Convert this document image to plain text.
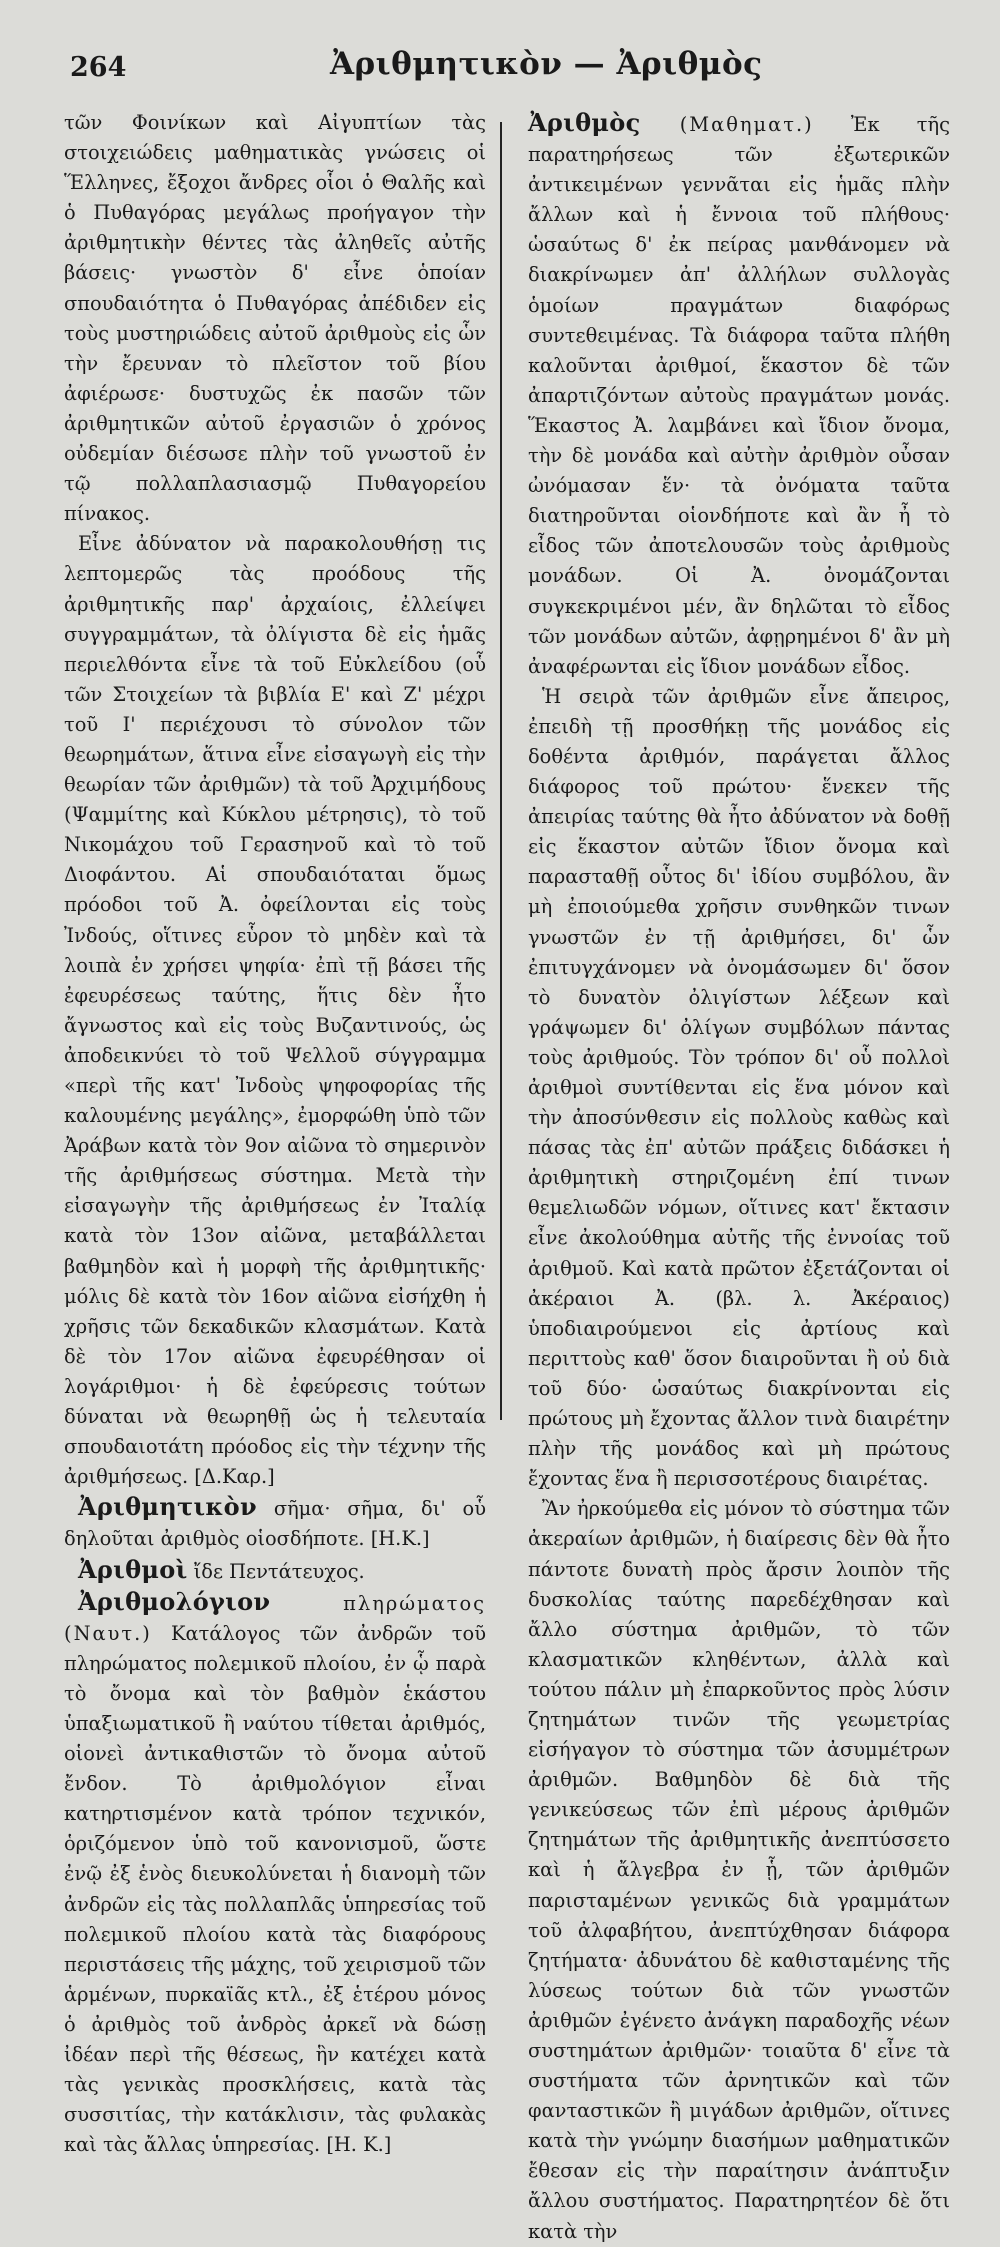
264	Ἀριθμητικὸν — Ἀριθμὸς

τῶν Φοινίκων καὶ Αἰγυπτίων τὰς στοιχειώδεις μαθηματικὰς γνώσεις οἱ Ἕλληνες, ἔξοχοι ἄνδρες οἷοι ὁ Θαλῆς καὶ ὁ Πυθαγόρας μεγάλως προήγαγον τὴν ἀριθμητικὴν θέντες τὰς ἀληθεῖς αὐτῆς βάσεις· γνωστὸν δ' εἶνε ὁποίαν σπουδαιότητα ὁ Πυθαγόρας ἀπέδιδεν εἰς τοὺς μυστηριώδεις αὐτοῦ ἀριθμοὺς εἰς ὧν τὴν ἔρευναν τὸ πλεῖστον τοῦ βίου ἀφιέρωσε· δυστυχῶς ἐκ πασῶν τῶν ἀριθμητικῶν αὐτοῦ ἐργασιῶν ὁ χρόνος οὐδεμίαν διέσωσε πλὴν τοῦ γνωστοῦ ἐν τῷ πολλαπλασιασμῷ Πυθαγορείου πίνακος.

Εἶνε ἀδύνατον νὰ παρακολουθήσῃ τις λεπτομερῶς τὰς προόδους τῆς ἀριθμητικῆς παρ' ἀρχαίοις, ἐλλείψει συγγραμμάτων, τὰ ὀλίγιστα δὲ εἰς ἡμᾶς περιελθόντα εἶνε τὰ τοῦ Εὐκλείδου (οὗ τῶν Στοιχείων τὰ βιβλία Ε' καὶ Ζ' μέχρι τοῦ Ι' περιέχουσι τὸ σύνολον τῶν θεωρημάτων, ἅτινα εἶνε εἰσαγωγὴ εἰς τὴν θεωρίαν τῶν ἀριθμῶν) τὰ τοῦ Ἀρχιμήδους (Ψαμμίτης καὶ Κύκλου μέτρησις), τὸ τοῦ Νικομάχου τοῦ Γερασηνοῦ καὶ τὸ τοῦ Διοφάντου. Αἱ σπουδαιόταται ὅμως πρόοδοι τοῦ Ἀ. ὀφείλονται εἰς τοὺς Ἰνδούς, οἵτινες εὗρον τὸ μηδὲν καὶ τὰ λοιπὰ ἐν χρήσει ψηφία· ἐπὶ τῇ βάσει τῆς ἐφευρέσεως ταύτης, ἥτις δὲν ἦτο ἄγνωστος καὶ εἰς τοὺς Βυζαντινούς, ὡς ἀποδεικνύει τὸ τοῦ Ψελλοῦ σύγγραμμα «περὶ τῆς κατ' Ἰνδοὺς ψηφοφορίας τῆς καλουμένης μεγάλης», ἐμορφώθη ὑπὸ τῶν Ἀράβων κατὰ τὸν 9ον αἰῶνα τὸ σημερινὸν τῆς ἀριθμήσεως σύστημα. Μετὰ τὴν εἰσαγωγὴν τῆς ἀριθμήσεως ἐν Ἰταλίᾳ κατὰ τὸν 13ον αἰῶνα, μεταβάλλεται βαθμηδὸν καὶ ἡ μορφὴ τῆς ἀριθμητικῆς· μόλις δὲ κατὰ τὸν 16ον αἰῶνα εἰσήχθη ἡ χρῆσις τῶν δεκαδικῶν κλασμάτων. Κατὰ δὲ τὸν 17ον αἰῶνα ἐφευρέθησαν οἱ λογάριθμοι· ἡ δὲ ἐφεύρεσις τούτων δύναται νὰ θεωρηθῇ ὡς ἡ τελευταία σπουδαιοτάτη πρόοδος εἰς τὴν τέχνην τῆς ἀριθμήσεως. [Δ.Καρ.]

Ἀριθμητικὸν σῆμα· σῆμα, δι' οὗ δηλοῦται ἀριθμὸς οἱοσδήποτε. [Η.Κ.]

Ἀριθμοὶ ἴδε Πεντάτευχος.

Ἀριθμολόγιον πληρώματος (Ναυτ.) Κατάλογος τῶν ἀνδρῶν τοῦ πληρώματος πολεμικοῦ πλοίου, ἐν ᾧ παρὰ τὸ ὄνομα καὶ τὸν βαθμὸν ἑκάστου ὑπαξιωματικοῦ ἢ ναύτου τίθεται ἀριθμός, οἱονεὶ ἀντικαθιστῶν τὸ ὄνομα αὐτοῦ ἔνδον. Τὸ ἀριθμολόγιον εἶναι κατηρτισμένον κατὰ τρόπον τεχνικόν, ὁριζόμενον ὑπὸ τοῦ κανονισμοῦ, ὥστε ἐνῷ ἐξ ἑνὸς διευκολύνεται ἡ διανομὴ τῶν ἀνδρῶν εἰς τὰς πολλαπλᾶς ὑπηρεσίας τοῦ πολεμικοῦ πλοίου κατὰ τὰς διαφόρους περιστάσεις τῆς μάχης, τοῦ χειρισμοῦ τῶν ἁρμένων, πυρκαϊᾶς κτλ., ἐξ ἑτέρου μόνος ὁ ἀριθμὸς τοῦ ἀνδρὸς ἀρκεῖ νὰ δώσῃ ἰδέαν περὶ τῆς θέσεως, ἣν κατέχει κατὰ τὰς γενικὰς προσκλήσεις, κατὰ τὰς συσσιτίας, τὴν κατάκλισιν, τὰς φυλακὰς καὶ τὰς ἄλλας ὑπηρεσίας. [Η. Κ.]

Ἀριθμὸς (Μαθηματ.) Ἐκ τῆς παρατηρήσεως τῶν ἐξωτερικῶν ἀντικειμένων γεννᾶται εἰς ἡμᾶς πλὴν ἄλλων καὶ ἡ ἔννοια τοῦ πλήθους· ὡσαύτως δ' ἐκ πείρας μανθάνομεν νὰ διακρίνωμεν ἀπ' ἀλλήλων συλλογὰς ὁμοίων πραγμάτων διαφόρως συντεθειμένας. Τὰ διάφορα ταῦτα πλήθη καλοῦνται ἀριθμοί, ἕκαστον δὲ τῶν ἀπαρτιζόντων αὐτοὺς πραγμάτων μονάς. Ἕκαστος Ἀ. λαμβάνει καὶ ἴδιον ὄνομα, τὴν δὲ μονάδα καὶ αὐτὴν ἀριθμὸν οὖσαν ὠνόμασαν ἕν· τὰ ὀνόματα ταῦτα διατηροῦνται οἱονδήποτε καὶ ἂν ἦ τὸ εἶδος τῶν ἀποτελουσῶν τοὺς ἀριθμοὺς μονάδων. Οἱ Ἀ. ὀνομάζονται συγκεκριμένοι μέν, ἂν δηλῶται τὸ εἶδος τῶν μονάδων αὐτῶν, ἀφῃρημένοι δ' ἂν μὴ ἀναφέρωνται εἰς ἴδιον μονάδων εἶδος.

Ἡ σειρὰ τῶν ἀριθμῶν εἶνε ἄπειρος, ἐπειδὴ τῇ προσθήκῃ τῆς μονάδος εἰς δοθέντα ἀριθμόν, παράγεται ἄλλος διάφορος τοῦ πρώτου· ἕνεκεν τῆς ἀπειρίας ταύτης θὰ ἦτο ἀδύνατον νὰ δοθῇ εἰς ἕκαστον αὐτῶν ἴδιον ὄνομα καὶ παρασταθῇ οὗτος δι' ἰδίου συμβόλου, ἂν μὴ ἐποιούμεθα χρῆσιν συνθηκῶν τινων γνωστῶν ἐν τῇ ἀριθμήσει, δι' ὧν ἐπιτυγχάνομεν νὰ ὀνομάσωμεν δι' ὅσον τὸ δυνατὸν ὀλιγίστων λέξεων καὶ γράψωμεν δι' ὀλίγων συμβόλων πάντας τοὺς ἀριθμούς. Τὸν τρόπον δι' οὗ πολλοὶ ἀριθμοὶ συντίθενται εἰς ἕνα μόνον καὶ τὴν ἀποσύνθεσιν εἰς πολλοὺς καθὼς καὶ πάσας τὰς ἐπ' αὐτῶν πράξεις διδάσκει ἡ ἀριθμητικὴ στηριζομένη ἐπί τινων θεμελιωδῶν νόμων, οἵτινες κατ' ἔκτασιν εἶνε ἀκολούθημα αὐτῆς τῆς ἐννοίας τοῦ ἀριθμοῦ. Καὶ κατὰ πρῶτον ἐξετάζονται οἱ ἀκέραιοι Ἀ. (βλ. λ. Ἀκέραιος) ὑποδιαιρούμενοι εἰς ἀρτίους καὶ περιττοὺς καθ' ὅσον διαιροῦνται ἢ οὐ διὰ τοῦ δύο· ὡσαύτως διακρίνονται εἰς πρώτους μὴ ἔχοντας ἄλλον τινὰ διαιρέτην πλὴν τῆς μονάδος καὶ μὴ πρώτους ἔχοντας ἕνα ἢ περισσοτέρους διαιρέτας.

Ἂν ἠρκούμεθα εἰς μόνον τὸ σύστημα τῶν ἀκεραίων ἀριθμῶν, ἡ διαίρεσις δὲν θὰ ἦτο πάντοτε δυνατὴ πρὸς ἄρσιν λοιπὸν τῆς δυσκολίας ταύτης παρεδέχθησαν καὶ ἄλλο σύστημα ἀριθμῶν, τὸ τῶν κλασματικῶν κληθέντων, ἀλλὰ καὶ τούτου πάλιν μὴ ἐπαρκοῦντος πρὸς λύσιν ζητημάτων τινῶν τῆς γεωμετρίας εἰσήγαγον τὸ σύστημα τῶν ἀσυμμέτρων ἀριθμῶν. Βαθμηδὸν δὲ διὰ τῆς γενικεύσεως τῶν ἐπὶ μέρους ἀριθμῶν ζητημάτων τῆς ἀριθμητικῆς ἀνεπτύσσετο καὶ ἡ ἄλγεβρα ἐν ᾗ, τῶν ἀριθμῶν παρισταμένων γενικῶς διὰ γραμμάτων τοῦ ἀλφαβήτου, ἀνεπτύχθησαν διάφορα ζητήματα· ἀδυνάτου δὲ καθισταμένης τῆς λύσεως τούτων διὰ τῶν γνωστῶν ἀριθμῶν ἐγένετο ἀνάγκη παραδοχῆς νέων συστημάτων ἀριθμῶν· τοιαῦτα δ' εἶνε τὰ συστήματα τῶν ἀρνητικῶν καὶ τῶν φανταστικῶν ἢ μιγάδων ἀριθμῶν, οἵτινες κατὰ τὴν γνώμην διασήμων μαθηματικῶν ἔθεσαν εἰς τὴν παραίτησιν ἀνάπτυξιν ἄλλου συστήματος. Παρατηρητέον δὲ ὅτι κατὰ τὴν
